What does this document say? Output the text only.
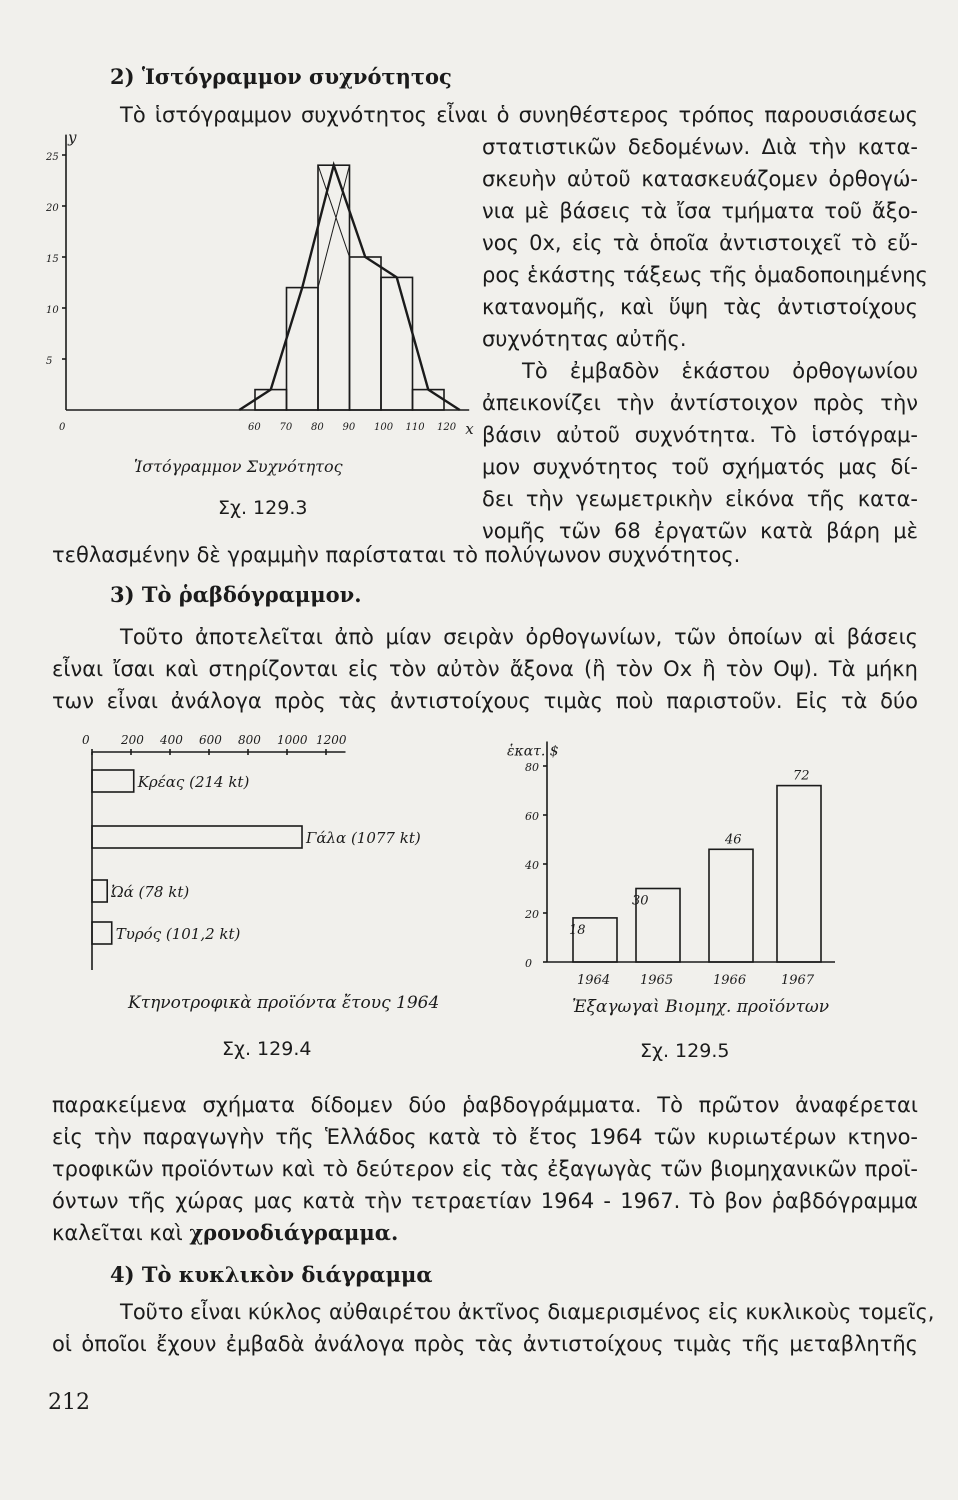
2) Ἱστόγραμμον συχνότητος
Τὸ ἱστόγραμμον συχνότητος εἶναι ὁ συνηθέστερος τρόπος παρουσιάσεως
στατιστικῶν δεδομένων. Διὰ τὴν κατα-
σκευὴν αὐτοῦ κατασκευάζομεν ὀρθογώ-
νια μὲ βάσεις τὰ ἴσα τμήματα τοῦ ἄξο-
νος 0x, εἰς τὰ ὁποῖα ἀντιστοιχεῖ τὸ εὔ-
ρος ἑκάστης τάξεως τῆς ὁμαδοποιημένης
κατανομῆς, καὶ ὕψη τὰς ἀντιστοίχους
συχνότητας αὐτῆς.
Τὸ ἐμβαδὸν ἑκάστου ὀρθογωνίου
ἀπεικονίζει τὴν ἀντίστοιχον πρὸς τὴν
βάσιν αὐτοῦ συχνότητα. Τὸ ἱστόγραμ-
μον συχνότητος τοῦ σχήματός μας δί-
δει τὴν γεωμετρικὴν εἰκόνα τῆς κατα-
νομῆς τῶν 68 ἐργατῶν κατὰ βάρη μὲ
τεθλασμένην δὲ γραμμὴν παρίσταται τὸ πολύγωνον συχνότητος.
y
x
5
10
15
20
25
0	60 70 80 90 100 110 120
Ἱστόγραμμον Συχνότητος
Σχ. 129.3
3) Τὸ ῥαβδόγραμμον.
Τοῦτο ἀποτελεῖται ἀπὸ μίαν σειρὰν ὀρθογωνίων, τῶν ὁποίων αἱ βάσεις
εἶναι ἴσαι καὶ στηρίζονται εἰς τὸν αὐτὸν ἄξονα (ἢ τὸν Ox ἢ τὸν Oψ). Τὰ μήκη
των εἶναι ἀνάλογα πρὸς τὰς ἀντιστοίχους τιμὰς ποὺ παριστοῦν. Εἰς τὰ δύο
0	200 400 600 800 1000 1200
Κρέας (214 kt)
Γάλα (1077 kt)
Ὠά (78 kt)
Τυρός (101,2 kt)
Κτηνοτροφικὰ προϊόντα ἔτους 1964
Σχ. 129.4
ἑκατ. $
0
20
40
60
80
18
1964
30
1965
46
1966
72
1967
Ἐξαγωγαὶ Βιομηχ. προϊόντων
Σχ. 129.5
παρακείμενα σχήματα δίδομεν δύο ῥαβδογράμματα. Τὸ πρῶτον ἀναφέρεται
εἰς τὴν παραγωγὴν τῆς Ἑλλάδος κατὰ τὸ ἔτος 1964 τῶν κυριωτέρων κτηνο-
τροφικῶν προϊόντων καὶ τὸ δεύτερον εἰς τὰς ἐξαγωγὰς τῶν βιομηχανικῶν προϊ-
όντων τῆς χώρας μας κατὰ τὴν τετραετίαν 1964 - 1967. Τὸ βον ῥαβδόγραμμα
καλεῖται καὶ χρονοδιάγραμμα.
4) Τὸ κυκλικὸν διάγραμμα
Τοῦτο εἶναι κύκλος αὐθαιρέτου ἀκτῖνος διαμερισμένος εἰς κυκλικοὺς τομεῖς,
οἱ ὁποῖοι ἔχουν ἐμβαδὰ ἀνάλογα πρὸς τὰς ἀντιστοίχους τιμὰς τῆς μεταβλητῆς
212
